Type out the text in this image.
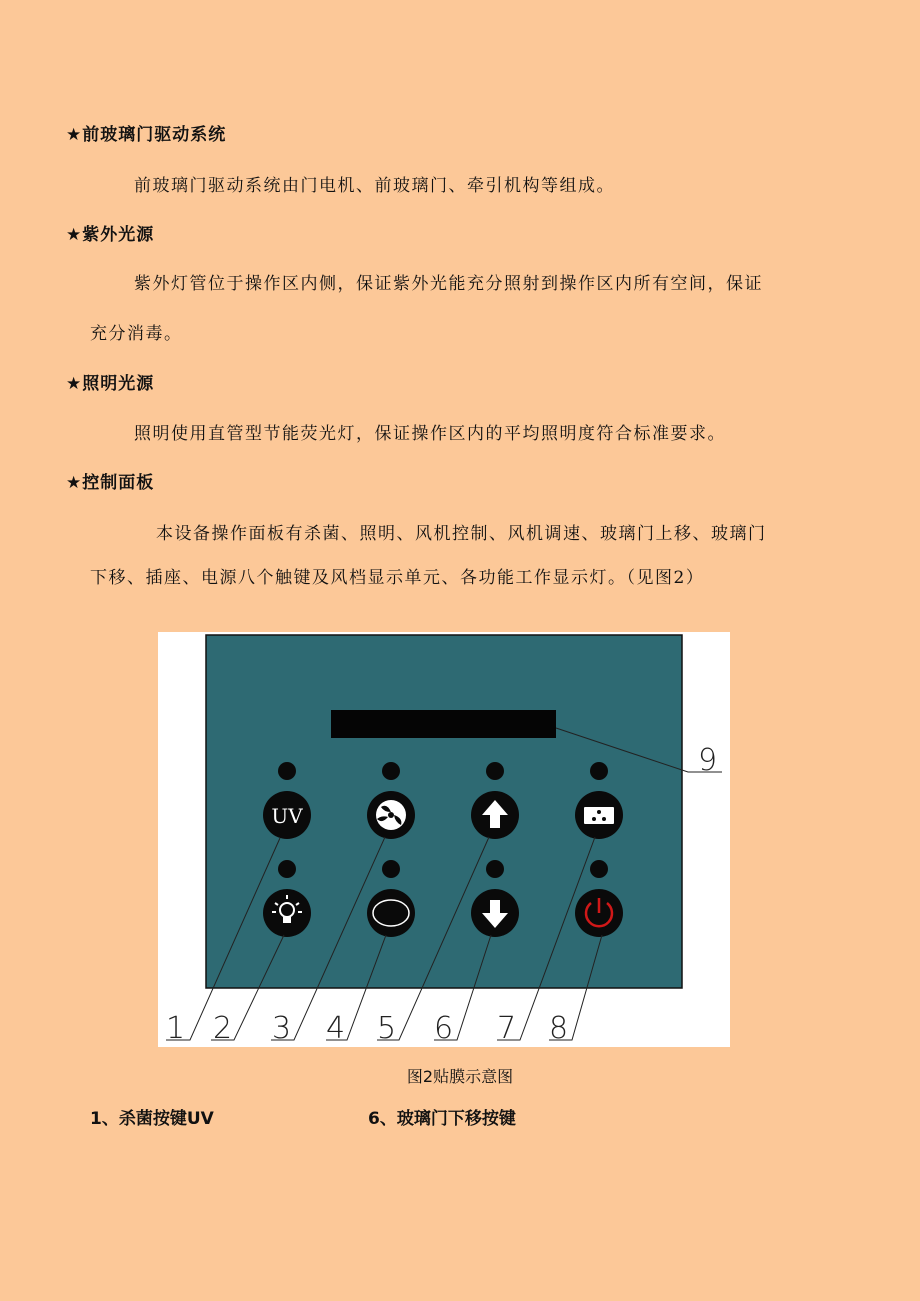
★前玻璃门驱动系统
前玻璃门驱动系统由门电机、前玻璃门、牵引机构等组成。
★紫外光源
紫外灯管位于操作区内侧，保证紫外光能充分照射到操作区内所有空间，保证
充分消毒。
★照明光源
照明使用直管型节能荧光灯，保证操作区内的平均照明度符合标准要求。
★控制面板
本设备操作面板有杀菌、照明、风机控制、风机调速、玻璃门上移、玻璃门
下移、插座、电源八个触键及风档显示单元、各功能工作显示灯。（见图2）
UV
1 2 3 4 5 6 7 8
9
图2贴膜示意图
1、杀菌按键UV	6、玻璃门下移按键
